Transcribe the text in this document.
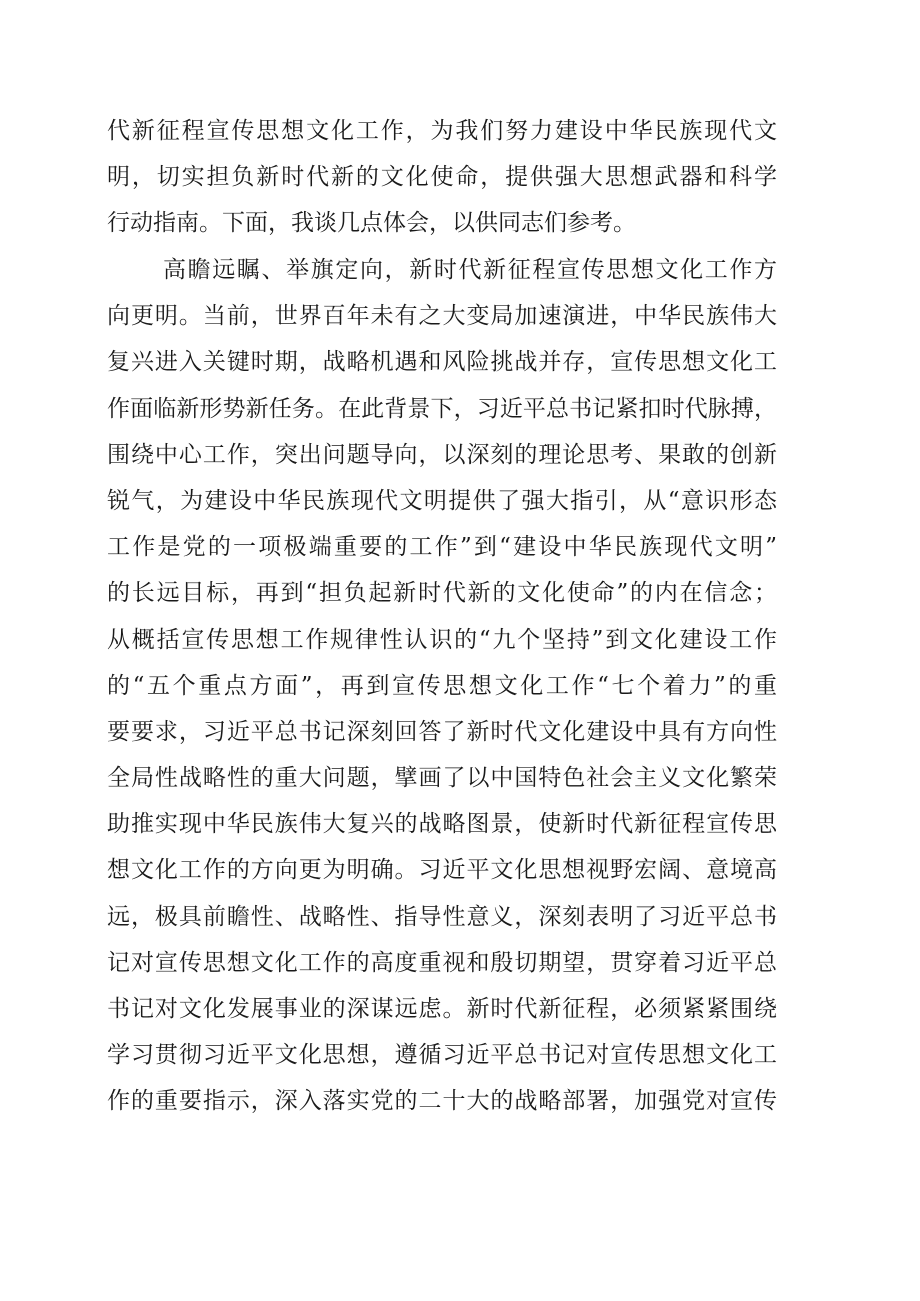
代新征程宣传思想文化工作，为我们努力建设中华民族现代文
明，切实担负新时代新的文化使命，提供强大思想武器和科学
行动指南。下面，我谈几点体会，以供同志们参考。
高瞻远瞩、举旗定向，新时代新征程宣传思想文化工作方
向更明。当前，世界百年未有之大变局加速演进，中华民族伟大
复兴进入关键时期，战略机遇和风险挑战并存，宣传思想文化工
作面临新形势新任务。在此背景下，习近平总书记紧扣时代脉搏，
围绕中心工作，突出问题导向，以深刻的理论思考、果敢的创新
锐气，为建设中华民族现代文明提供了强大指引，从“意识形态
工作是党的一项极端重要的工作”到“建设中华民族现代文明”
的长远目标，再到“担负起新时代新的文化使命”的内在信念；
从概括宣传思想工作规律性认识的“九个坚持”到文化建设工作
的“五个重点方面”，再到宣传思想文化工作“七个着力”的重
要要求，习近平总书记深刻回答了新时代文化建设中具有方向性
全局性战略性的重大问题，擘画了以中国特色社会主义文化繁荣
助推实现中华民族伟大复兴的战略图景，使新时代新征程宣传思
想文化工作的方向更为明确。习近平文化思想视野宏阔、意境高
远，极具前瞻性、战略性、指导性意义，深刻表明了习近平总书
记对宣传思想文化工作的高度重视和殷切期望，贯穿着习近平总
书记对文化发展事业的深谋远虑。新时代新征程，必须紧紧围绕
学习贯彻习近平文化思想，遵循习近平总书记对宣传思想文化工
作的重要指示，深入落实党的二十大的战略部署，加强党对宣传
